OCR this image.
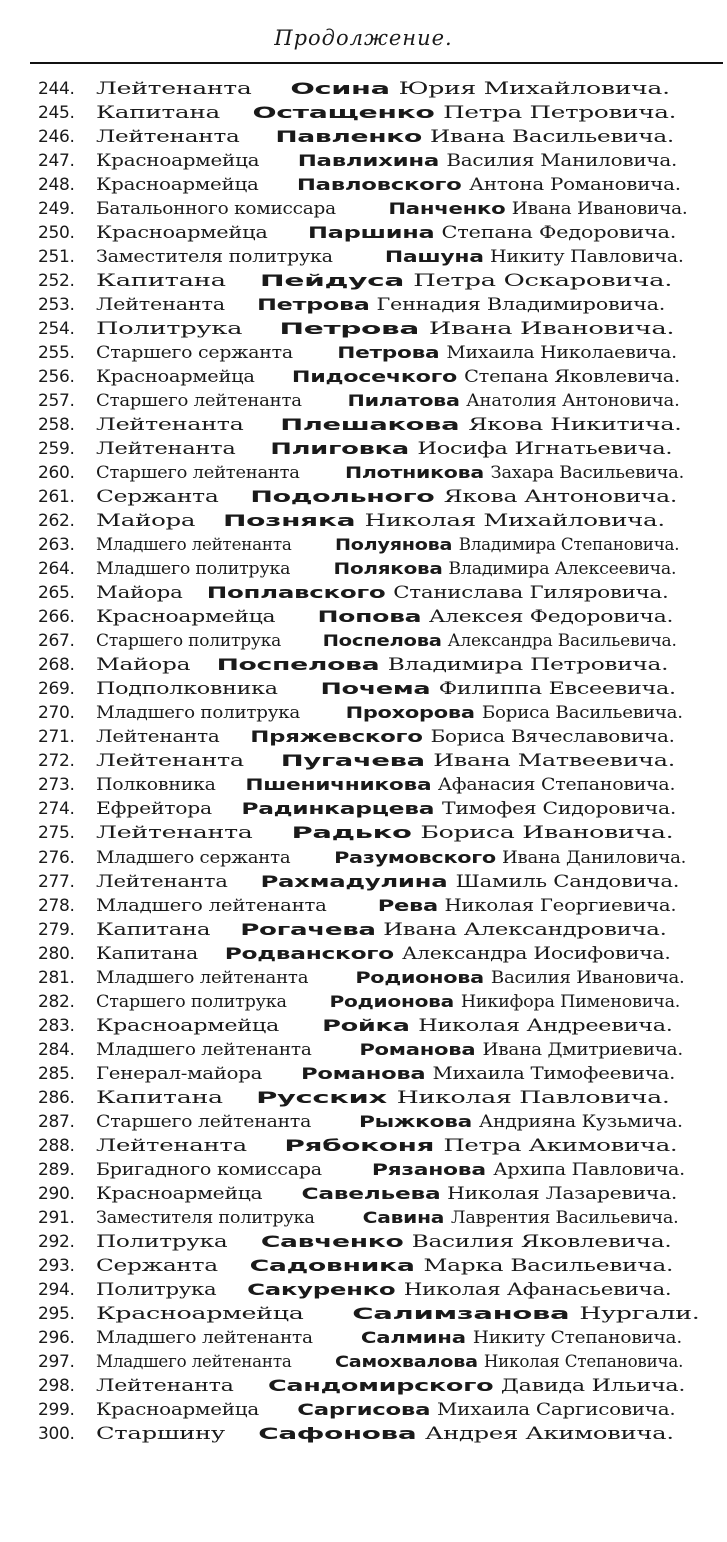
Продолжение.
244. Лейтенанта Осина Юрия Михайловича.
245. Капитана Остащенко Петра Петровича.
246. Лейтенанта Павленко Ивана Васильевича.
247. Красноармейца Павлихина Василия Маниловича.
248. Красноармейца Павловского Антона Романовича.
249. Батальонного комиссара	Панченко Ивана Ивановича.
250. Красноармейца	Паршина Степана Федоровича.
251. Заместителя политрука	Пашуна Никиту Павловича.
252. Капитана Пейдуса Петра Оскаровича.
253. Лейтенанта Петрова Геннадия Владимировича.
254. Политрука Петрова Ивана Ивановича.
255. Старшего сержанта	Петрова Михаила Николаевича.
256. Красноармейца Пидосечкого Степана Яковлевича.
257. Старшего лейтенанта	Пилатова Анатолия Антоновича.
258. Лейтенанта Плешакова Якова Никитича.
259. Лейтенанта Плиговка Иосифа Игнатьевича.
260. Старшего лейтенанта	Плотникова Захара Васильевича.
261. Сержанта Подольного Якова Антоновича.
262. Майора Позняка Николая Михайловича.
263. Младшего лейтенанта	Полуянова Владимира Степановича.
264. Младшего политрука	Полякова Владимира Алексеевича.
265. Майора Поплавского Станислава Гиляровича.
266. Красноармейца	Попова Алексея Федоровича.
267. Старшего политрука	Поспелова Александра Васильевича.
268. Майора Поспелова Владимира Петровича.
269. Подполковника	Почема Филиппа Евсеевича.
270. Младшего политрука	Прохорова Бориса Васильевича.
271. Лейтенанта Пряжевского Бориса Вячеславовича.
272. Лейтенанта Пугачева Ивана Матвеевича.
273. Полковника Пшеничникова Афанасия Степановича.
274. Ефрейтора Радинкарцева Тимофея Сидоровича.
275. Лейтенанта Радько Бориса Ивановича.
276. Младшего сержанта	Разумовского Ивана Даниловича.
277. Лейтенанта Рахмадулина Шамиль Сандовича.
278. Младшего лейтенанта	Рева Николая Георгиевича.
279. Капитана Рогачева Ивана Александровича.
280. Капитана Родванского Александра Иосифовича.
281. Младшего лейтенанта	Родионова Василия Ивановича.
282. Старшего политрука	Родионова Никифора Пименовича.
283. Красноармейца	Ройка Николая Андреевича.
284. Младшего лейтенанта	Романова Ивана Дмитриевича.
285. Генерал-майора Романова Михаила Тимофеевича.
286. Капитана Русских Николая Павловича.
287. Старшего лейтенанта	Рыжкова Андрияна Кузьмича.
288. Лейтенанта Рябоконя Петра Акимовича.
289. Бригадного комиссара	Рязанова Архипа Павловича.
290. Красноармейца Савельева Николая Лазаревича.
291. Заместителя политрука	Савина Лаврентия Васильевича.
292. Политрука Савченко Василия Яковлевича.
293. Сержанта Садовника Марка Васильевича.
294. Политрука Сакуренко Николая Афанасьевича.
295. Красноармейца	Салимзанова Нургали.
296. Младшего лейтенанта	Салмина Никиту Степановича.
297. Младшего лейтенанта	Самохвалова Николая Степановича.
298. Лейтенанта Сандомирского Давида Ильича.
299. Красноармейца Саргисова Михаила Саргисовича.
300. Старшину Сафонова Андрея Акимовича.
